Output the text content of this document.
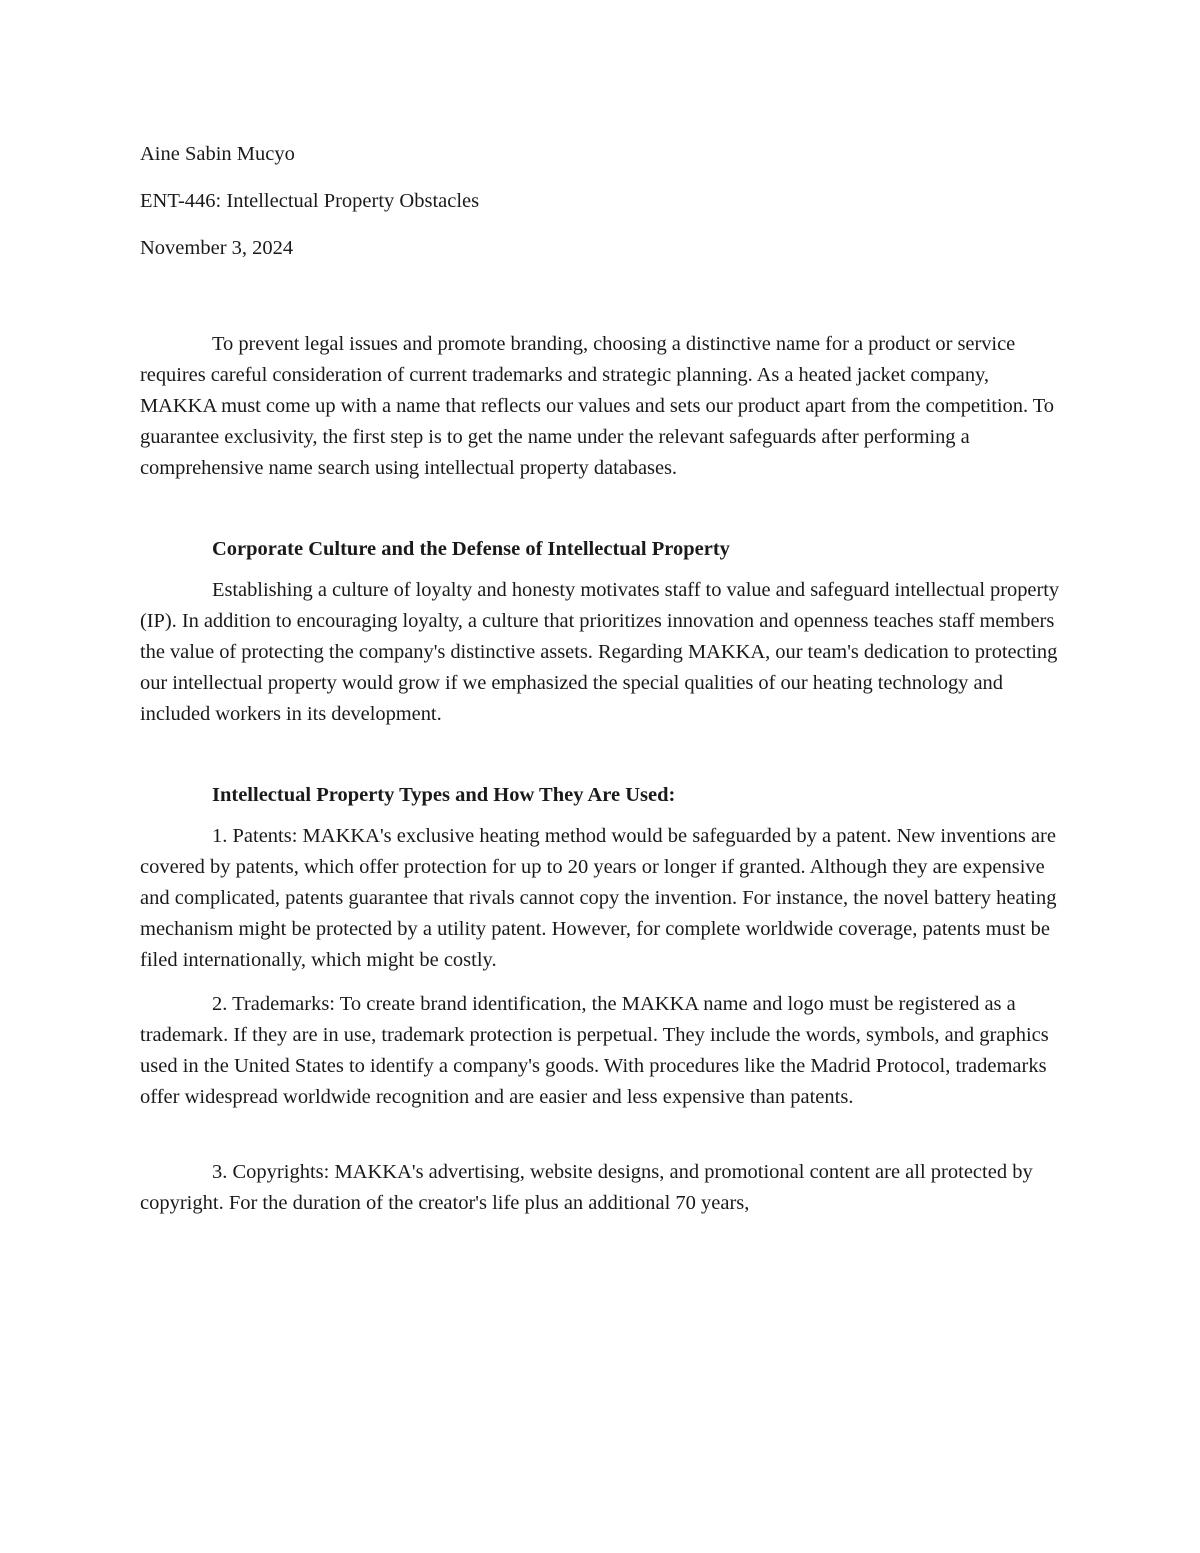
Aine Sabin Mucyo

ENT-446: Intellectual Property Obstacles

November 3, 2024

To prevent legal issues and promote branding, choosing a distinctive name for a product or service requires careful consideration of current trademarks and strategic planning. As a heated jacket company, MAKKA must come up with a name that reflects our values and sets our product apart from the competition. To guarantee exclusivity, the first step is to get the name under the relevant safeguards after performing a comprehensive name search using intellectual property databases.

Corporate Culture and the Defense of Intellectual Property

Establishing a culture of loyalty and honesty motivates staff to value and safeguard intellectual property (IP). In addition to encouraging loyalty, a culture that prioritizes innovation and openness teaches staff members the value of protecting the company's distinctive assets. Regarding MAKKA, our team's dedication to protecting our intellectual property would grow if we emphasized the special qualities of our heating technology and included workers in its development.

Intellectual Property Types and How They Are Used:

1. Patents: MAKKA's exclusive heating method would be safeguarded by a patent. New inventions are covered by patents, which offer protection for up to 20 years or longer if granted. Although they are expensive and complicated, patents guarantee that rivals cannot copy the invention. For instance, the novel battery heating mechanism might be protected by a utility patent. However, for complete worldwide coverage, patents must be filed internationally, which might be costly.

2. Trademarks: To create brand identification, the MAKKA name and logo must be registered as a trademark. If they are in use, trademark protection is perpetual. They include the words, symbols, and graphics used in the United States to identify a company's goods. With procedures like the Madrid Protocol, trademarks offer widespread worldwide recognition and are easier and less expensive than patents.

3. Copyrights: MAKKA's advertising, website designs, and promotional content are all protected by copyright. For the duration of the creator's life plus an additional 70 years,
